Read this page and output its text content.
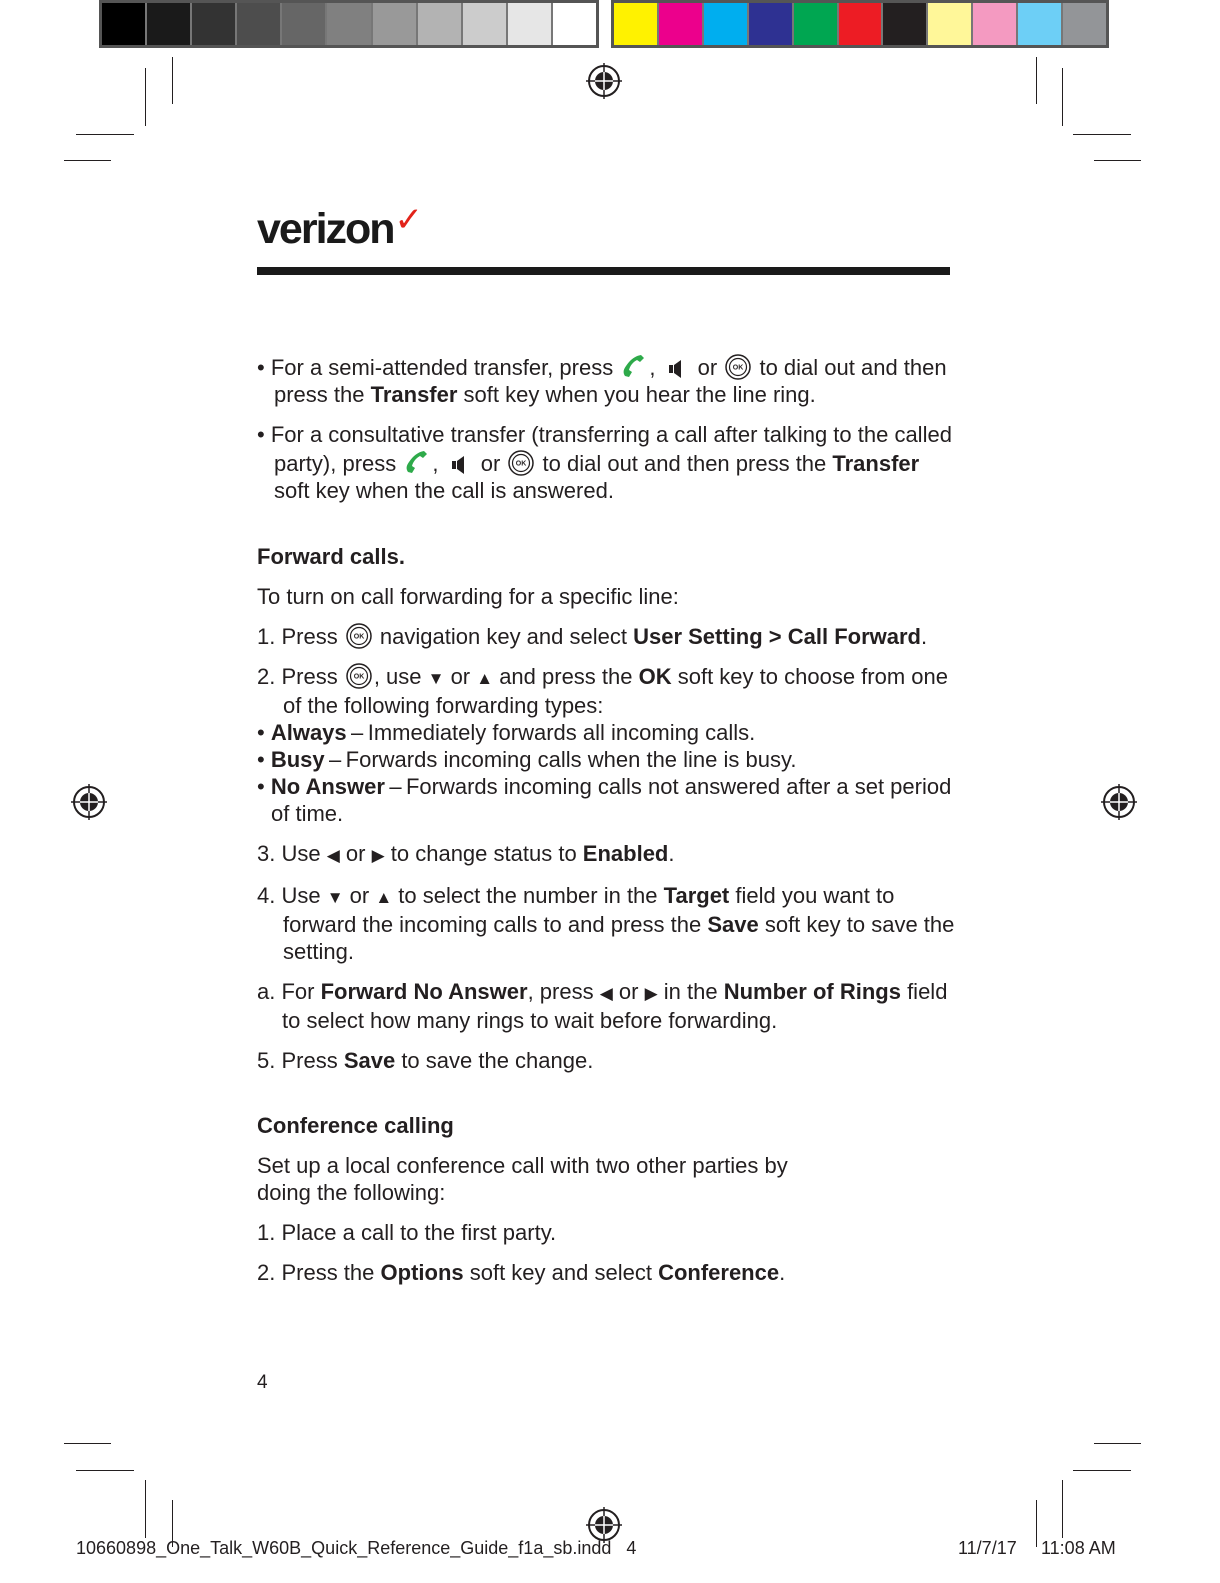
verizon✓

• For a semi-attended transfer, press ,  or OK to dial out and then press the Transfer soft key when you hear the line ring.

• For a consultative transfer (transferring a call after talking to the called party), press ,  or OK to dial out and then press the Transfer soft key when the call is answered.

Forward calls.

To turn on call forwarding for a specific line:

1. Press OK navigation key and select User Setting > Call Forward.

2. Press OK , use ▼ or ▲ and press the OK soft key to choose from one of the following forwarding types:

• Always – Immediately forwards all incoming calls.

• Busy – Forwards incoming calls when the line is busy.

• No Answer – Forwards incoming calls not answered after a set period of time.

3. Use ◀ or ▶ to change status to Enabled.

4. Use ▼ or ▲ to select the number in the Target field you want to forward the incoming calls to and press the Save soft key to save the setting.

a. For Forward No Answer, press ◀ or ▶ in the Number of Rings field to select how many rings to wait before forwarding.

5. Press Save to save the change.

Conference calling

Set up a local conference call with two other parties by doing the following:

1. Place a call to the first party.

2. Press the Options soft key and select Conference.

4
10660898_One_Talk_W60B_Quick_Reference_Guide_f1a_sb.indd   4	11/7/17 11:08 AM
